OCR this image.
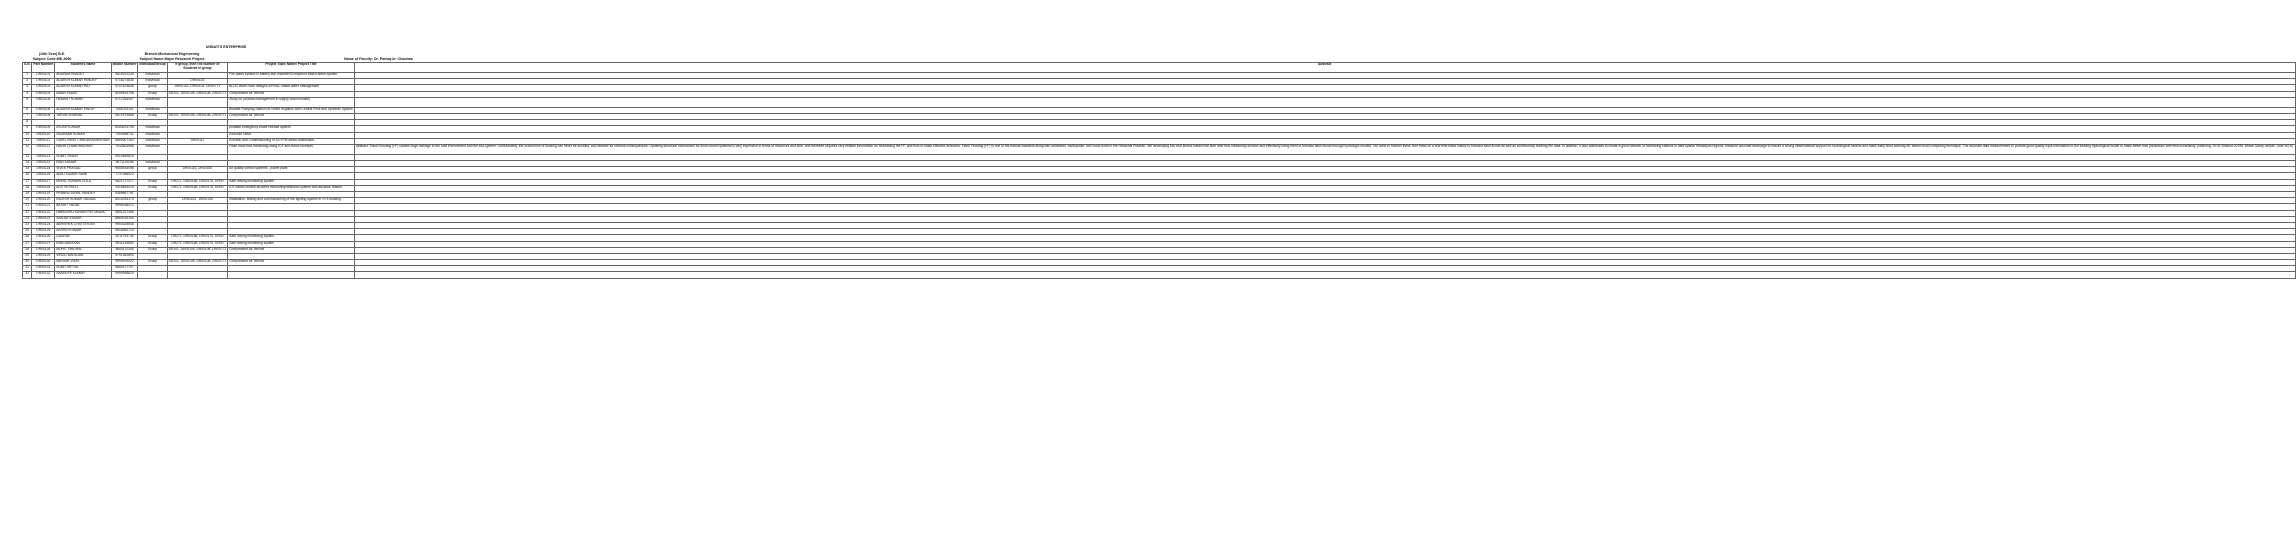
UNNATI'S ENTERPRISE
(10th Sem) B.E.	Branch:Mechanical Engineering
Subject Code:ME-3080	Subject Name:Major Research Project	Name of Faculty: Dr. Pankaj kr. Chauhan
S.N.	Part Number	Student's Name	Mobile Number	Individual/Group	If group, then roll number of Students in group	Project Topic Name/ Project Title	Abstract
1	DR00101	ANUPAM PANDEY	9818751234	Individual		Fire alarm system in battery test chamber/Compound based alarm system	
2	DR00102	ADARSH KUMAR PANDEY	9718274836	Individual	DR00103		
3	DR00103	ADARSH KUMAR RAJ	9707423836	group	DR00102, DR00104, DR00771	BLDC clean room designs &/HVAC waste water management	
4	DR00104	AMAN YADAV	8299163798	Group	DR101, DR00106, DR00108, DR00771	Compressed Air Vehicle	
5	DR00105	HEMANT KUMAR	9717264307	Individual		Study on process management in supply chain industry	
6	DR00106	ADARSH KUMAR SINGH	7065763191	Individual		Booster Pumping Station for Infield Irrigation with Central Pivot and Sprinkler System	
7	DR00108	TARUN SHARMA	9871974568	Group	DR101, DR00106, DR00108, DR00771	Compressed Air Vehicle	
8							
9	DR00109	AYUSH KUMAR	8083291795	Individual		portable emergency brake release system	
10	DR00110	SAURABH KUMAR	7303958731	Individual		Solenoid Valve	
11	DR00111	GURU VINAY CHANDRASHEKHAR	8860907163	Individual	DR00111	Erection and Commissioning of SOTPM steam distribution	
12	DR00112	NAVIN CHANDRADHAR	7042803986	Individual		Flash flood flow monitoring using IOT and cloud concepts	Abstract: Flash Flooding (FF) causes huge damage to the built environment and the eco-system. Unfortunately, the occurrence of flooding can never be avoided, and likewise its obvious consequences. Updating structural mechanism for flood control systems is very expensive in terms of resources and time, and therefore requires very reliable information for forecasting the FF, and thus to make effective decisions. Flash Flooding (FF) is one of the natural disasters along with landslides, earthquake, and cloud burst in the Himachal Pradesh. We developing low cost sensor based real time river flow measuring devices and effectively using them to forecast flash floods through hydrologic models. Our aims to monitor these river flows on a real time basis mainly to forecast flash floods as well as continuously fetching the data. In addition, it also addresses to create a good network of monitoring stations in data sparse Himalayan regions, measure accurate discharge to ensure a strong observational support for hydrological models and make early flood warning ML based cloud computing technique. The accurate data measurement to provide good quality input information to the existing hydrological model to make better flow predictions with less uncertainty. (Nuthong, 2018; Bhavna 2019b, Bhavn &amp; ample; June 2019).
13	DR00113	SUMIT SINGH	9910469815				
14	DR00114	RAVI KUMAR	9971119198	Individual			
15	DR00115	VIVEK PRASAD	9650934095	group	DR00116, DR00155	Air quality control systems - power plant	
16	DR00116	ANUJ KUMAR SAINI	7737356022				
17	DR00117	MOHD. RIZWAN GOLA	9821727477	Group	DR271, DR00166, DR00175, DR00	Safe driving monitoring system	
18	DR00118	ADITYA PATEL	9319853018	Group	DR271, DR00166, DR00175, DR00	IOT based vehicle accident monitoring/detection system with advance feature	
19	DR00119	PRABHU DAYAL PANDEY	9389667791				
20	DR00120	RAJESH KUMAR YADAVA	8010316174	group	DR00103 , DR00106	Installation, testing and commissioning of fire fighting system in G+4 building	
21	DR00121	AKSHIT YADAV	9999038012				
22	DR00122	HIMANSHU KUMAR PATTANAIK	9891227466				
23	DR00123	SANJAY KUMAR	8860015153				
24	DR00124	ABHISHEK CHATTERJEE	9953328646				
25	DR00125	ASHISH KUMAR	9818382710				
26	DR00126	GAURAV	9211793744	Group	DR271, DR00166, DR00175, DR00	Safe driving monitoring system	
27	DR00127	RAM NARAYAN	9911234684	Group	DR271, DR00166, DR00175, DR00	Safe driving monitoring system	
28	DR00128	MOHIT SINGHAL	9800112345	Group	DR101, DR00106, DR00108, DR00771	Compressed Air Vehicle	
29	DR00129	VINOD MAHAJAN	9791362893				
30	DR00130	MAYANK VIJAY	9999919022	Group	DR101, DR00106, DR00108, DR00771	Compressed Air Vehicle	
31	DR00131	SUMIT MITTAL	8860377707				
32	DR00132	SANDEEP KUMAR	9999948629				
